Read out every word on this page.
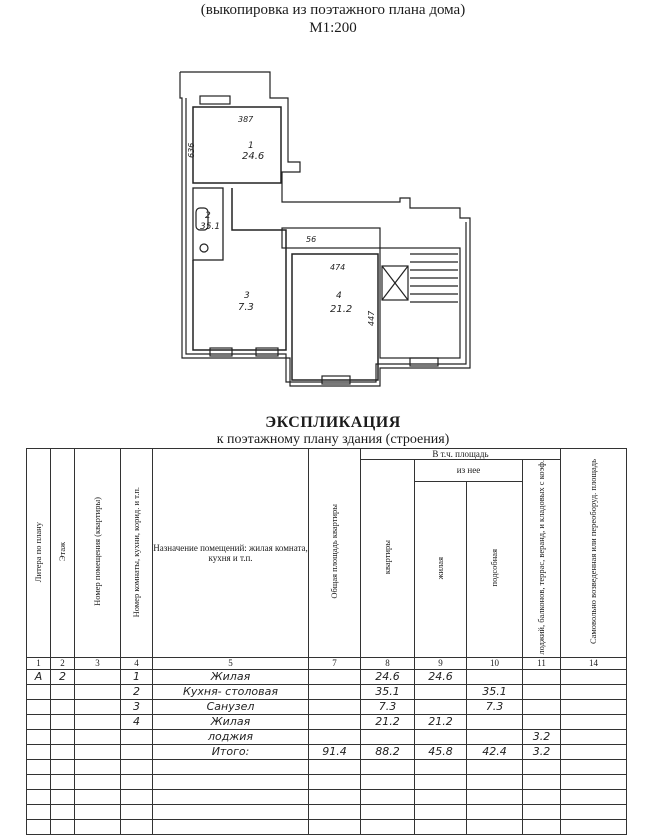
(выкопировка из поэтажного плана дома)
М1:200
387
636	1
24.6
2
35.1
3
7.3
474
4
21.2
447
56
ЭКСПЛИКАЦИЯ
к поэтажному плану здания (строения)
Литера по плану	Этаж	Номер помещения (квартиры)	Номер комнаты, кухни, корид. и т.п.	Назначение помещений: жилая комната, кухня и т.п.	Общая площадь квартиры	В т.ч. площадь				Самовольно возведенная или переоборуд. площадь
						квартиры	из нее		лоджий, балконов, террас, веранд, и кладовых с коэф.	
							жилая	подсобная		
1	2	3	4	5	7	8	9	10	11	14
А	2		1	Жилая		24.6	24.6			
			2	Кухня- столовая		35.1		35.1		
			3	Санузел		7.3		7.3		
			4	Жилая		21.2	21.2			
				лоджия					3.2	
				Итого:	91.4	88.2	45.8	42.4	3.2	
